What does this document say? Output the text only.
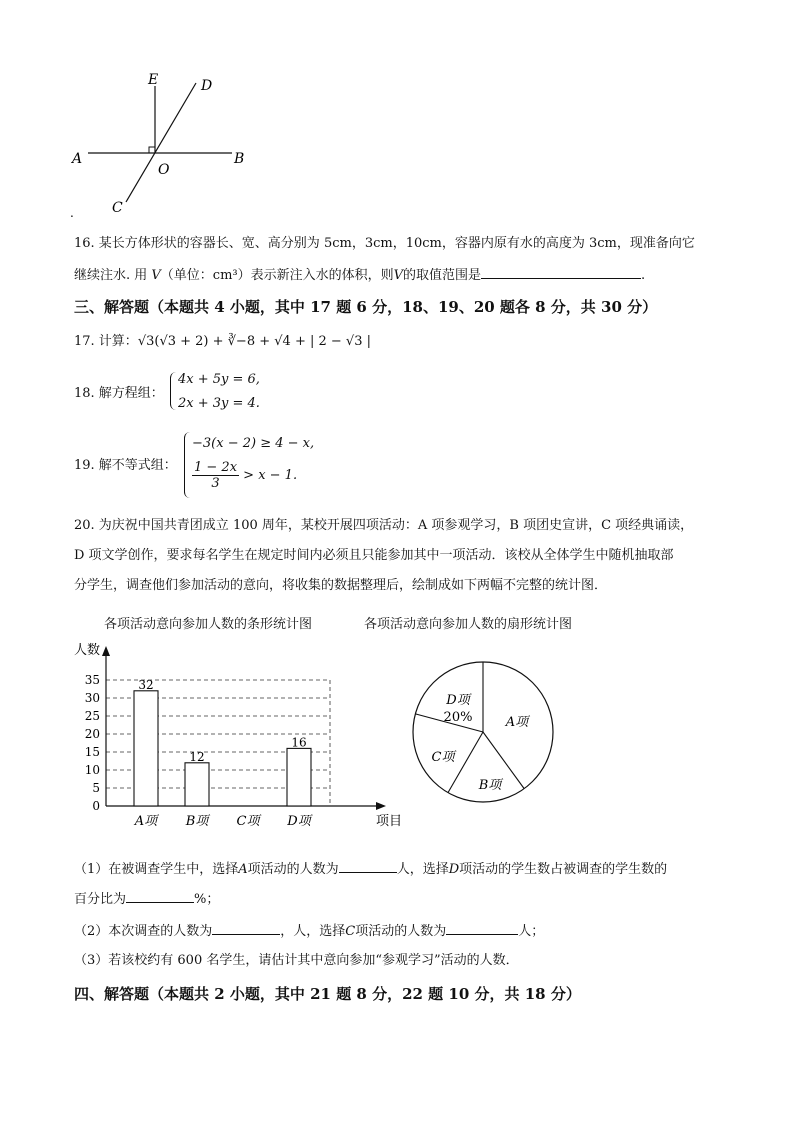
E	D
A	B
O
C
.
16. 某长方体形状的容器长、宽、高分别为 5cm，3cm，10cm，容器内原有水的高度为 3cm，现准备向它
继续注水. 用 V（单位：cm³）表示新注入水的体积，则V的取值范围是	.
三、解答题（本题共 4 小题，其中 17 题 6 分，18、19、20 题各 8 分，共 30 分）
17. 计算：√3(√3 + 2) + ∛−8 + √4 + | 2 − √3 |
18. 解方程组：
4x + 5y = 6,
2x + 3y = 4.
19. 解不等式组：
−3(x − 2) ≥ 4 − x,
$\frac{1 - 2x}{3} > x - 1$.
20. 为庆祝中国共青团成立 100 周年，某校开展四项活动：A 项参观学习，B 项团史宣讲，C 项经典诵读，
D 项文学创作，要求每名学生在规定时间内必须且只能参加其中一项活动．该校从全体学生中随机抽取部
分学生，调查他们参加活动的意向，将收集的数据整理后，绘制成如下两幅不完整的统计图．
各项活动意向参加人数的条形统计图	各项活动意向参加人数的扇形统计图
0
5
10
15
20
25
30
35
人数
项目
32
A项
12
B项 C项
16
D项
A项
B项
C项
D项
20%
（1）在被调查学生中，选择A项活动的人数为	人，选择D项活动的学生数占被调查的学生数的
百分比为	%；
（2）本次调查的人数为	，人，选择C项活动的人数为	人；
（3）若该校约有 600 名学生，请估计其中意向参加“参观学习”活动的人数．
四、解答题（本题共 2 小题，其中 21 题 8 分，22 题 10 分，共 18 分）
